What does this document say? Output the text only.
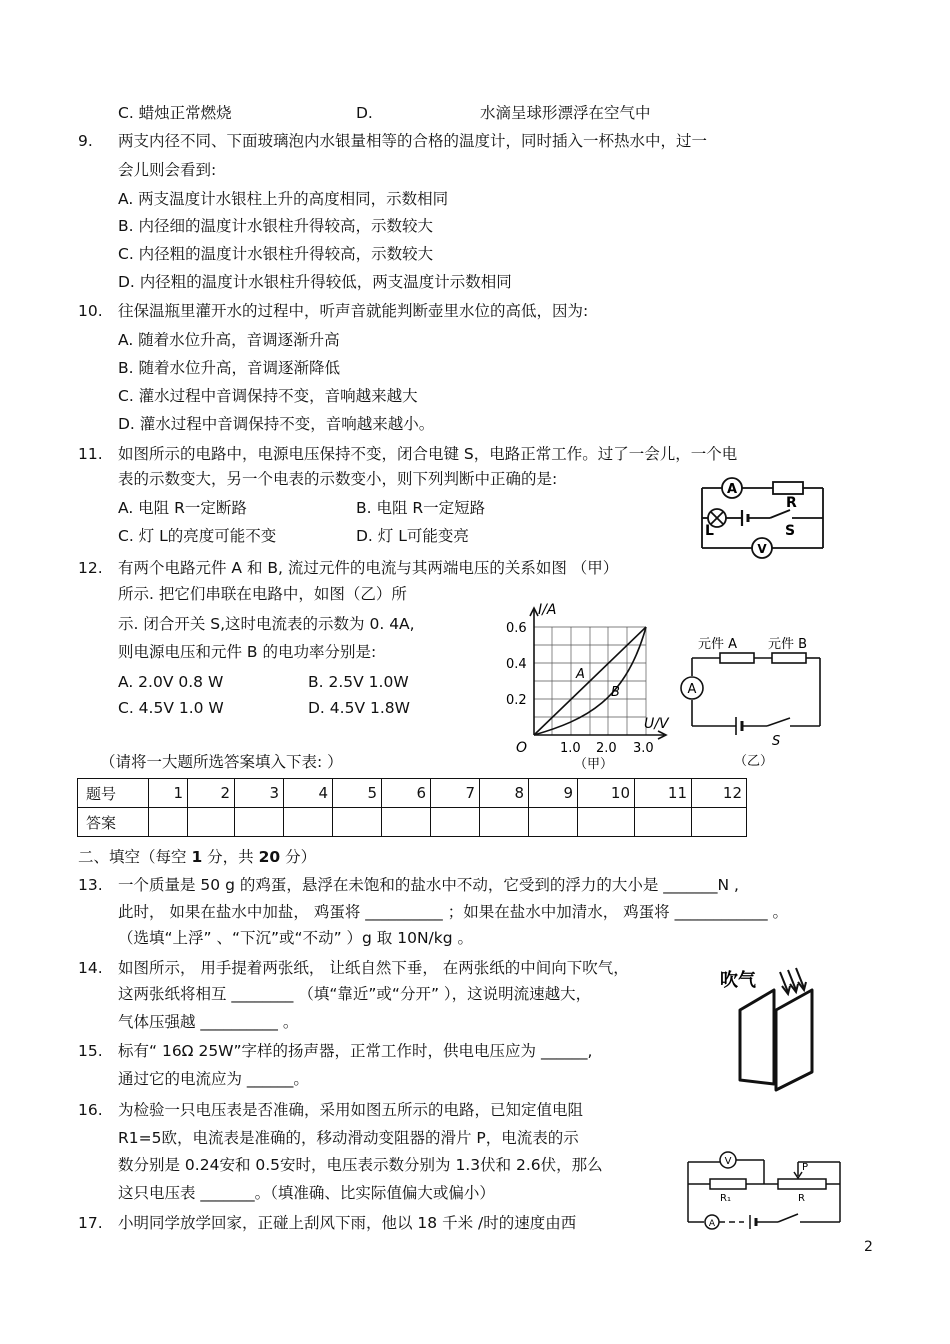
C. 蜡烛正常燃烧	D.	水滴呈球形漂浮在空气中
9. 两支内径不同、下面玻璃泡内水银量相等的合格的温度计，同时插入一杯热水中，过一
会儿则会看到:
A. 两支温度计水银柱上升的高度相同，示数相同
B. 内径细的温度计水银柱升得较高，示数较大
C. 内径粗的温度计水银柱升得较高，示数较大
D. 内径粗的温度计水银柱升得较低，两支温度计示数相同
10. 往保温瓶里灌开水的过程中，听声音就能判断壶里水位的高低，因为:
A. 随着水位升高，音调逐渐升高
B. 随着水位升高，音调逐渐降低
C. 灌水过程中音调保持不变，音响越来越大
D. 灌水过程中音调保持不变，音响越来越小。
11. 如图所示的电路中，电源电压保持不变，闭合电键 S，电路正常工作。过了一会儿，一个电
表的示数变大，另一个电表的示数变小，则下列判断中正确的是:
A. 电阻 R一定断路	B. 电阻 R一定短路
C. 灯 L的亮度可能不变	D. 灯 L可能变亮
A
R
L	S
V
12. 有两个电路元件 A 和 B, 流过元件的电流与其两端电压的关系如图 （甲）
所示. 把它们串联在电路中，如图（乙）所
示. 闭合开关 S,这时电流表的示数为 0. 4A,
则电源电压和元件 B 的电功率分别是:
A. 2.0V 0.8 W	B. 2.5V 1.0W
C. 4.5V 1.0 W	D. 4.5V 1.8W
I/A
U/V
O
0.6
0.4
0.2
1.0 2.0 3.0
A
B
（甲）
元件 A 元件 B
A
S
（乙）
（请将一大题所选答案填入下表: ）
题号	1	2	3	4	5	6	7	8	9	10	11	12
答案												
二、填空（每空 1 分，共 20 分）
13. 一个质量是 50 g 的鸡蛋，悬浮在未饱和的盐水中不动，它受到的浮力的大小是 _______N ,
此时， 如果在盐水中加盐， 鸡蛋将 __________ ；如果在盐水中加清水， 鸡蛋将 ____________ 。
（选填“上浮” 、“下沉”或“不动” ）g 取 10N/kg 。
14. 如图所示， 用手提着两张纸， 让纸自然下垂， 在两张纸的中间向下吹气，
这两张纸将相互 ________ （填“靠近”或“分开” ），这说明流速越大，
气体压强越 __________ 。
吹气
15. 标有“ 16Ω 25W”字样的扬声器，正常工作时，供电电压应为 ______,
通过它的电流应为 ______。
16. 为检验一只电压表是否准确，采用如图五所示的电路，已知定值电阻
R1=5欧，电流表是准确的，移动滑动变阻器的滑片 P，电流表的示
数分别是 0.24安和 0.5安时，电压表示数分别为 1.3伏和 2.6伏，那么
这只电压表 _______。（填准确、比实际值偏大或偏小）
V
P
R₁	R
A
17. 小明同学放学回家，正碰上刮风下雨，他以 18 千米 /时的速度由西
2
